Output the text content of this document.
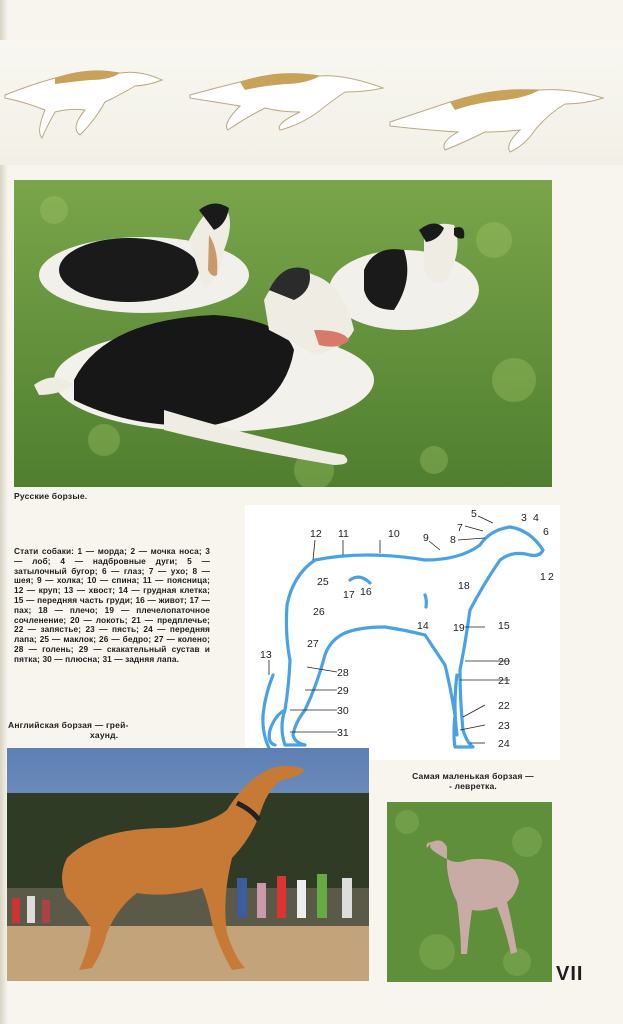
Русские борзые.
Стати собаки: 1 — морда; 2 — мочка носа; 3 — лоб; 4 — надбровные дуги; 5 — затылочный бугор; 6 — глаз; 7 — ухо; 8 — шея; 9 — холка; 10 — спина; 11 — поясница; 12 — круп; 13 — хвост; 14 — грудная клетка; 15 — передняя часть груди; 16 — живот; 17 — пах; 18 — плечо; 19 — плечелопаточное сочленение; 20 — локоть; 21 — предплечье; 22 — запястье; 23 — пясть; 24 — передняя лапа; 25 — маклок; 26 — бедро; 27 — колено; 28 — голень; 29 — скакательный сустав и пятка; 30 — плюсна; 31 — задняя лапа.
1 2
3 4
5
6
7
8
9
10
11
12
13
14	15
16
17
18
19
20
21
22
23
24
25
26
27
28
29
30
31
Английская борзая — грей-
хаунд.
Самая маленькая борзая —
- левретка.
VII
